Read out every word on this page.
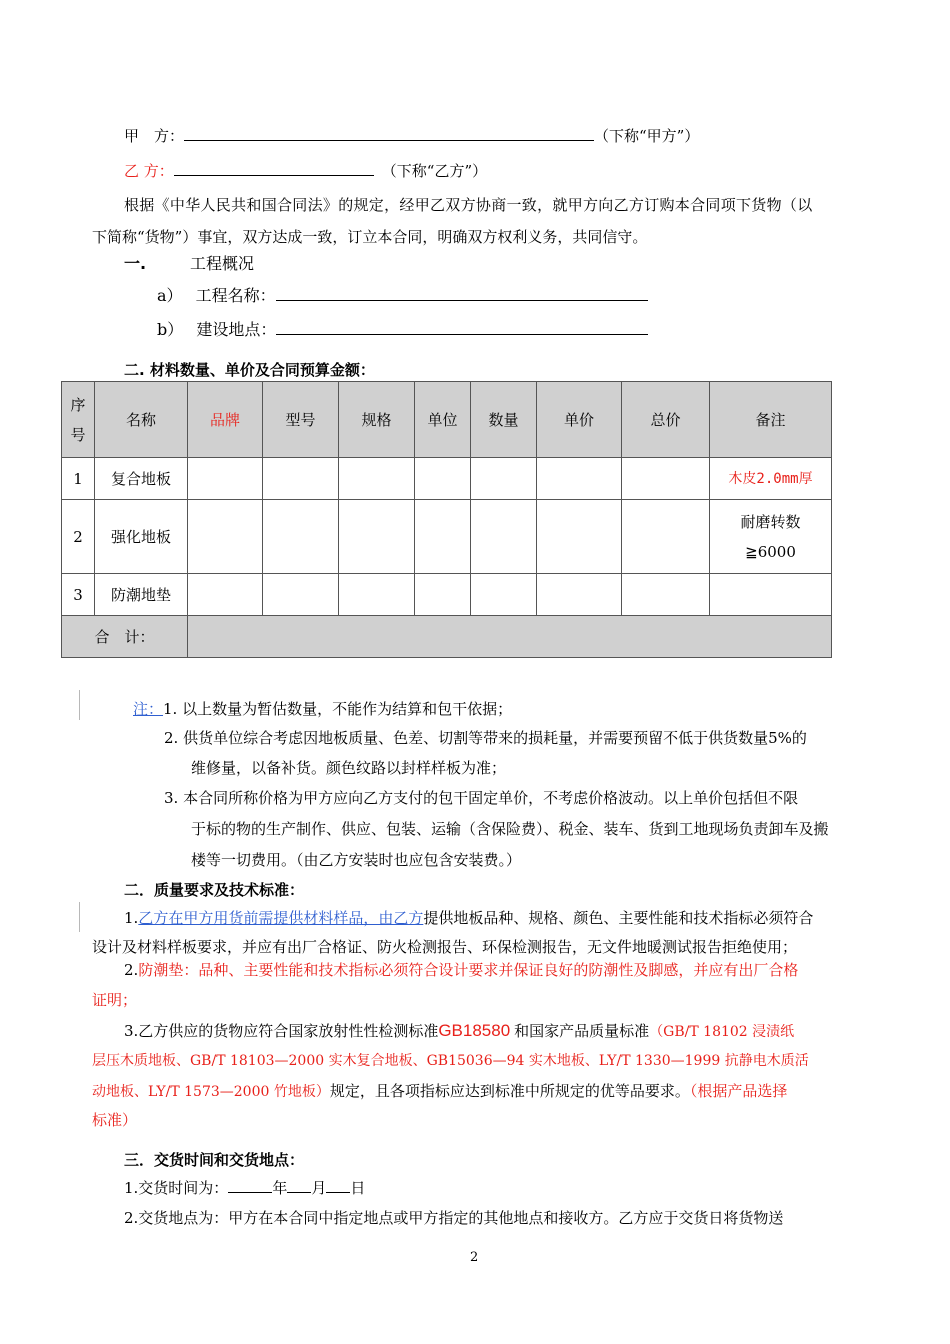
甲　方：	（下称“甲方”）
乙 方：	（下称“乙方”）
根据《中华人民共和国合同法》的规定，经甲乙双方协商一致，就甲方向乙方订购本合同项下货物（以
下简称“货物”）事宜，双方达成一致，订立本合同，明确双方权利义务，共同信守。
一.	工程概况
a） 工程名称：
b） 建设地点：
二. 材料数量、单价及合同预算金额：
序
号	名称	品牌	型号	规格	单位	数量	单价	总价	备注
1	复合地板								木皮2.0mm厚
2	强化地板								耐磨转数
≧6000

3	防潮地垫								
合　计：									
注：1. 以上数量为暂估数量，不能作为结算和包干依据；
2. 供货单位综合考虑因地板质量、色差、切割等带来的损耗量，并需要预留不低于供货数量5%的
维修量，以备补货。颜色纹路以封样样板为准；
3. 本合同所称价格为甲方应向乙方支付的包干固定单价，不考虑价格波动。以上单价包括但不限
于标的物的生产制作、供应、包装、运输（含保险费）、税金、装车、货到工地现场负责卸车及搬
楼等一切费用。（由乙方安装时也应包含安装费。）
二．质量要求及技术标准：
1.乙方在甲方用货前需提供材料样品，由乙方提供地板品种、规格、颜色、主要性能和技术指标必须符合
设计及材料样板要求，并应有出厂合格证、防火检测报告、环保检测报告，无文件地暖测试报告拒绝使用；
2.防潮垫：品种、主要性能和技术指标必须符合设计要求并保证良好的防潮性及脚感，并应有出厂合格
证明；
3.乙方供应的货物应符合国家放射性性检测标准GB18580 和国家产品质量标准（GB/T 18102 浸渍纸
层压木质地板、GB/T 18103—2000 实木复合地板、GB15036—94 实木地板、LY/T 1330—1999 抗静电木质活
动地板、LY/T 1573—2000 竹地板）规定，且各项指标应达到标准中所规定的优等品要求。（根据产品选择
标准）
三．交货时间和交货地点：
1.交货时间为：	年 月 日
2.交货地点为：甲方在本合同中指定地点或甲方指定的其他地点和接收方。乙方应于交货日将货物送
2
